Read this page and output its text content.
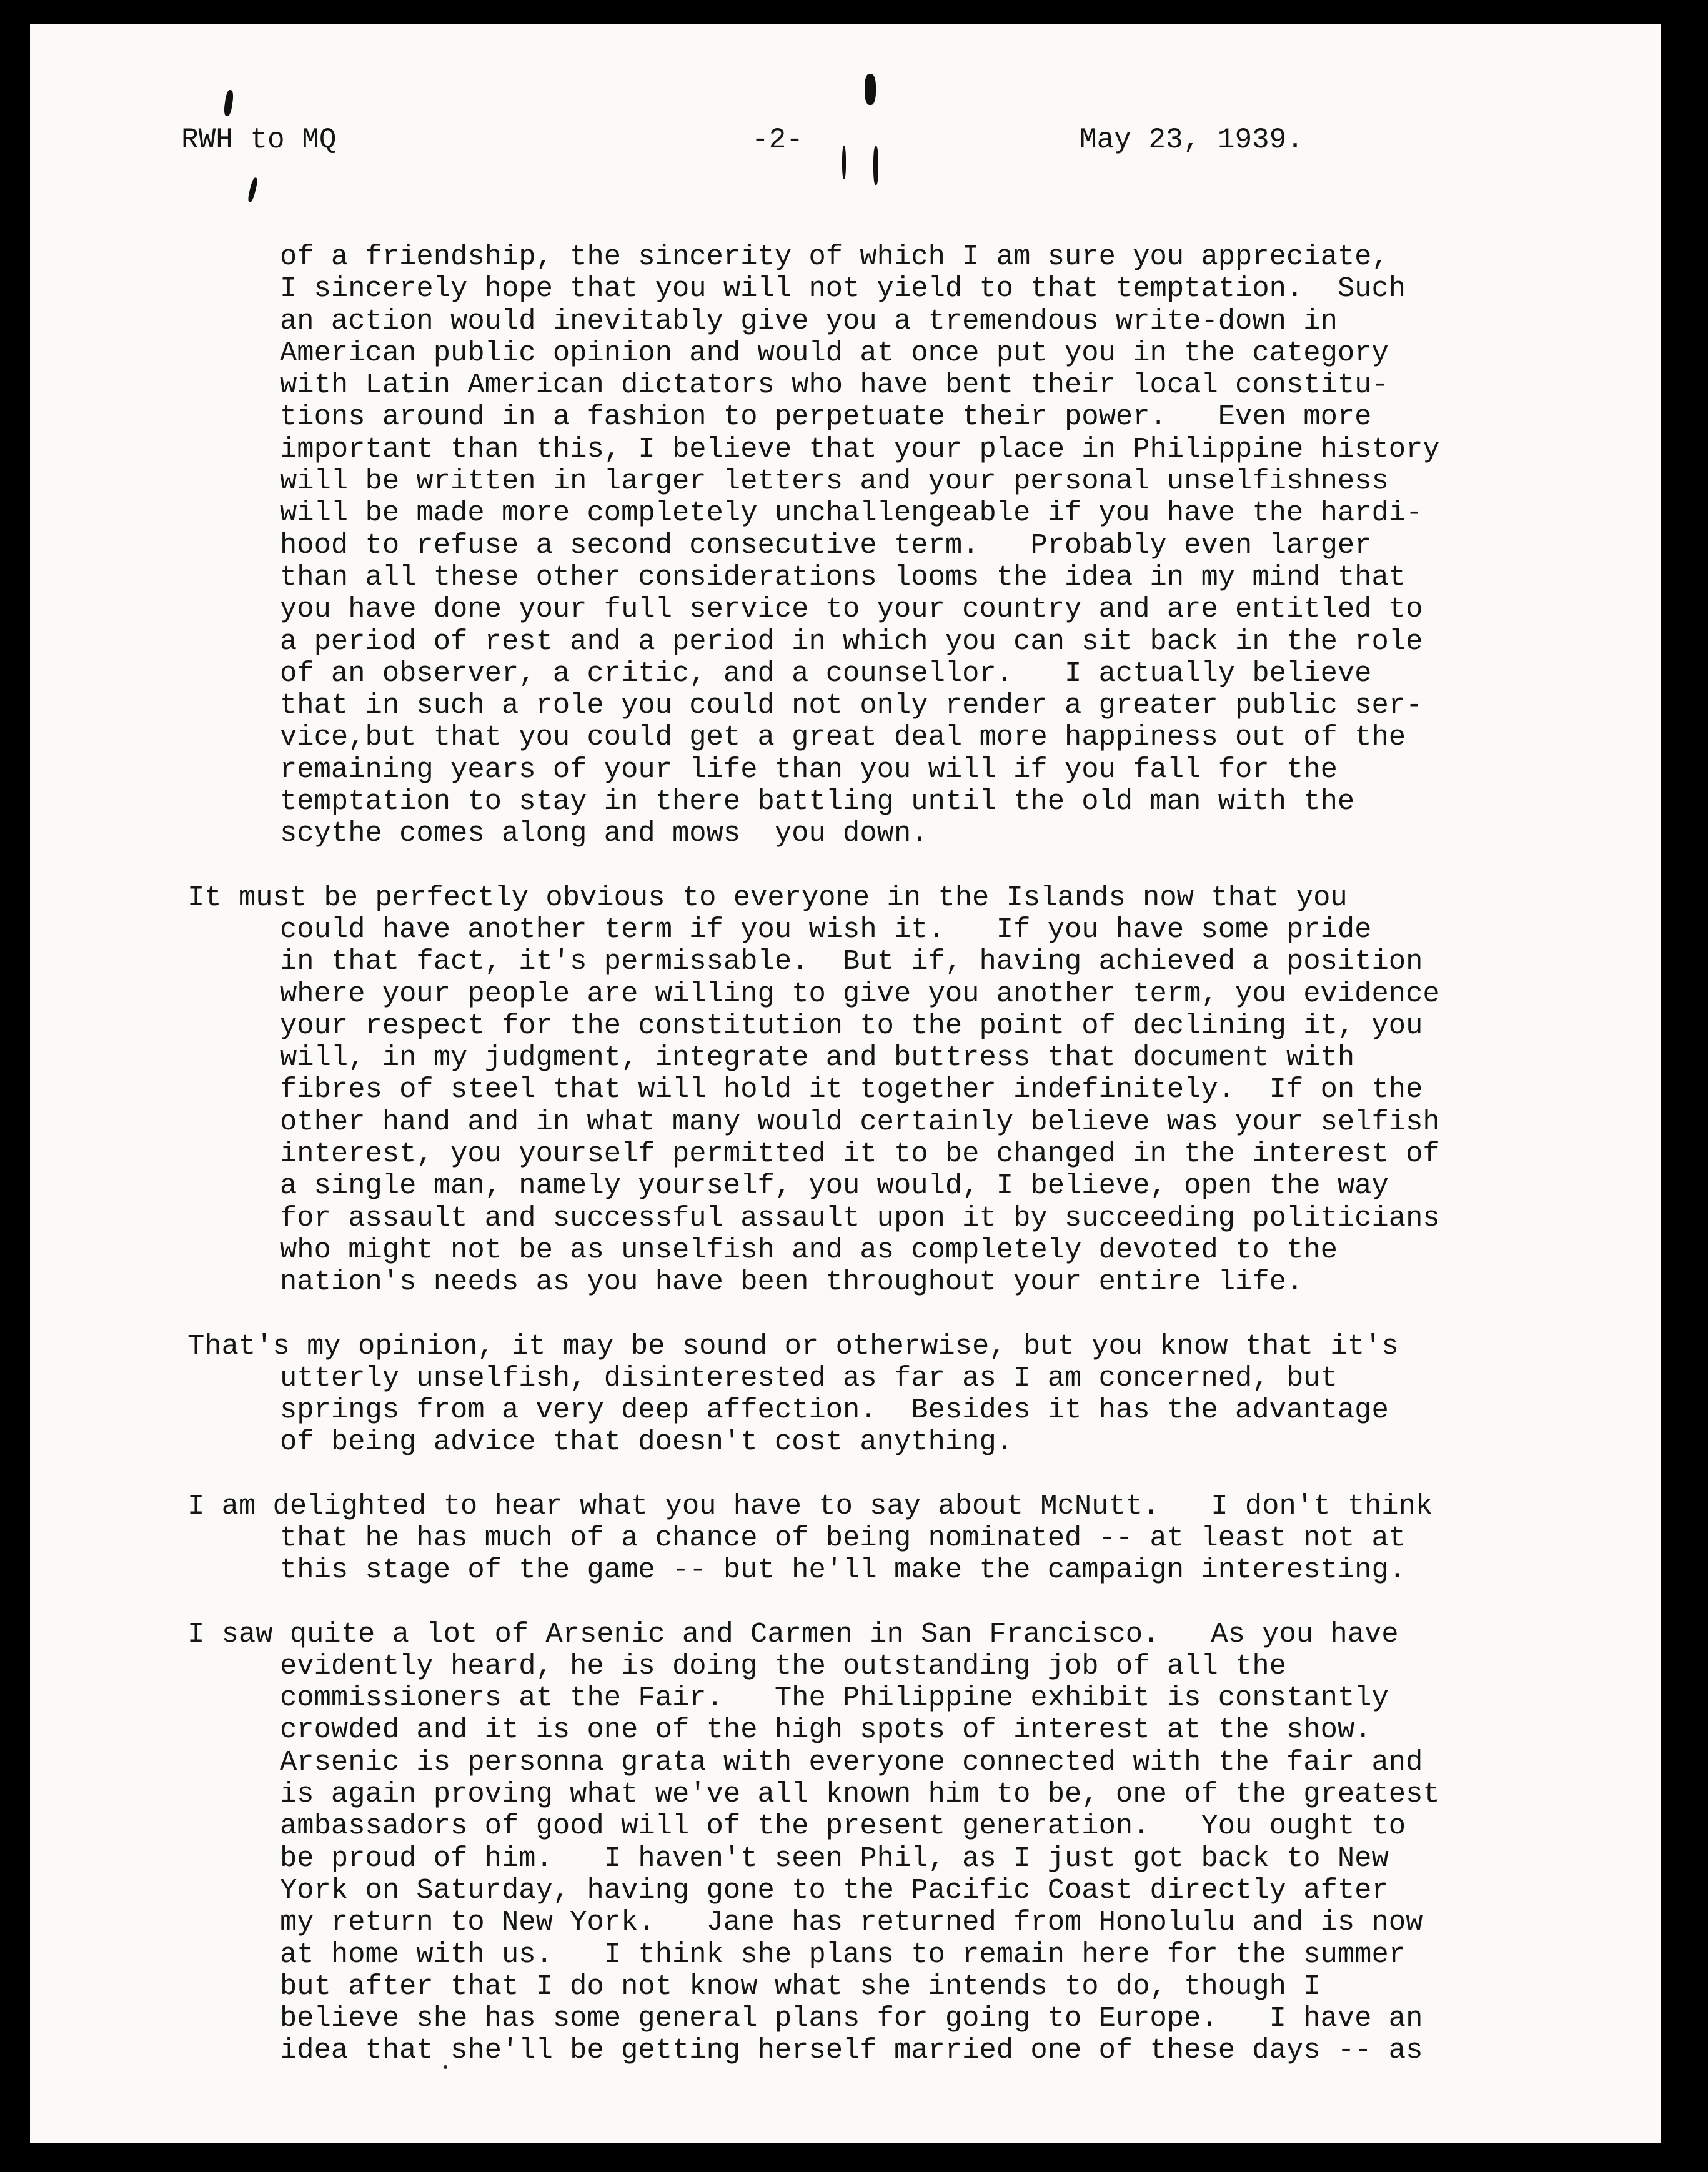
RWH to MQ	-2-	May 23, 1939.

of a friendship, the sincerity of which I am sure you appreciate,

I sincerely hope that you will not yield to that temptation.  Such

an action would inevitably give you a tremendous write-down in

American public opinion and would at once put you in the category

with Latin American dictators who have bent their local constitu-

tions around in a fashion to perpetuate their power.   Even more

important than this, I believe that your place in Philippine history

will be written in larger letters and your personal unselfishness

will be made more completely unchallengeable if you have the hardi-

hood to refuse a second consecutive term.   Probably even larger

than all these other considerations looms the idea in my mind that

you have done your full service to your country and are entitled to

a period of rest and a period in which you can sit back in the role

of an observer, a critic, and a counsellor.   I actually believe

that in such a role you could not only render a greater public ser-

vice,but that you could get a great deal more happiness out of the

remaining years of your life than you will if you fall for the

temptation to stay in there battling until the old man with the

scythe comes along and mows  you down.

It must be perfectly obvious to everyone in the Islands now that you

could have another term if you wish it.   If you have some pride

in that fact, it's permissable.  But if, having achieved a position

where your people are willing to give you another term, you evidence

your respect for the constitution to the point of declining it, you

will, in my judgment, integrate and buttress that document with

fibres of steel that will hold it together indefinitely.  If on the

other hand and in what many would certainly believe was your selfish

interest, you yourself permitted it to be changed in the interest of

a single man, namely yourself, you would, I believe, open the way

for assault and successful assault upon it by succeeding politicians

who might not be as unselfish and as completely devoted to the

nation's needs as you have been throughout your entire life.

That's my opinion, it may be sound or otherwise, but you know that it's

utterly unselfish, disinterested as far as I am concerned, but

springs from a very deep affection.  Besides it has the advantage

of being advice that doesn't cost anything.

I am delighted to hear what you have to say about McNutt.   I don't think

that he has much of a chance of being nominated -- at least not at

this stage of the game -- but he'll make the campaign interesting.

I saw quite a lot of Arsenic and Carmen in San Francisco.   As you have

evidently heard, he is doing the outstanding job of all the

commissioners at the Fair.   The Philippine exhibit is constantly

crowded and it is one of the high spots of interest at the show.

Arsenic is personna grata with everyone connected with the fair and

is again proving what we've all known him to be, one of the greatest

ambassadors of good will of the present generation.   You ought to

be proud of him.   I haven't seen Phil, as I just got back to New

York on Saturday, having gone to the Pacific Coast directly after

my return to New York.   Jane has returned from Honolulu and is now

at home with us.   I think she plans to remain here for the summer

but after that I do not know what she intends to do, though I

believe she has some general plans for going to Europe.   I have an

idea that she'll be getting herself married one of these days -- as
